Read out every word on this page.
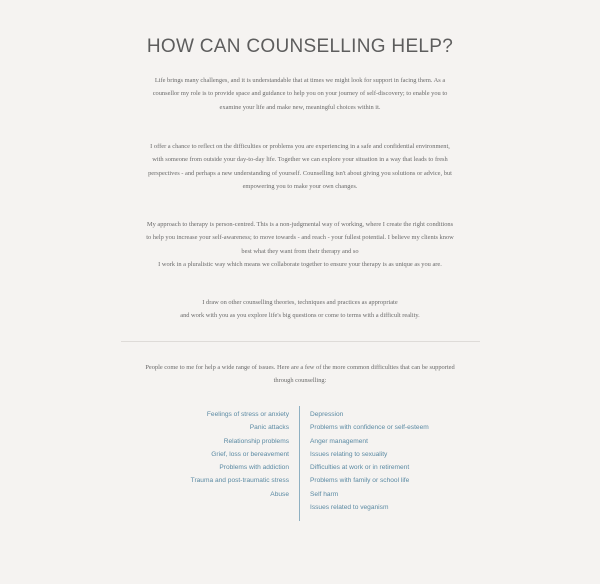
HOW CAN COUNSELLING HELP?
Life brings many challenges, and it is understandable that at times we might look for support in facing them. As a
counsellor my role is to provide space and guidance to help you on your journey of self-discovery; to enable you to
examine your life and make new, meaningful choices within it.
I offer a chance to reflect on the difficulties or problems you are experiencing in a safe and confidential environment,
with someone from outside your day-to-day life. Together we can explore your situation in a way that leads to fresh
perspectives - and perhaps a new understanding of yourself. Counselling isn't about giving you solutions or advice, but
empowering you to make your own changes.
My approach to therapy is person-centred. This is a non-judgmental way of working, where I create the right conditions
to help you increase your self-awareness; to move towards - and reach - your fullest potential. I believe my clients know
best what they want from their therapy and so
I work in a pluralistic way which means we collaborate together to ensure your therapy is as unique as you are.
I draw on other counselling theories, techniques and practices as appropriate
and work with you as you explore life's big questions or come to terms with a difficult reality.
People come to me for help a wide range of issues. Here are a few of the more common difficulties that can be supported
through counselling:
Feelings of stress or anxiety
Panic attacks
Relationship problems
Grief, loss or bereavement
Problems with addiction
Trauma and post-traumatic stress
Abuse
Depression
Problems with confidence or self-esteem
Anger management
Issues relating to sexuality
Difficulties at work or in retirement
Problems with family or school life
Self harm
Issues related to veganism
